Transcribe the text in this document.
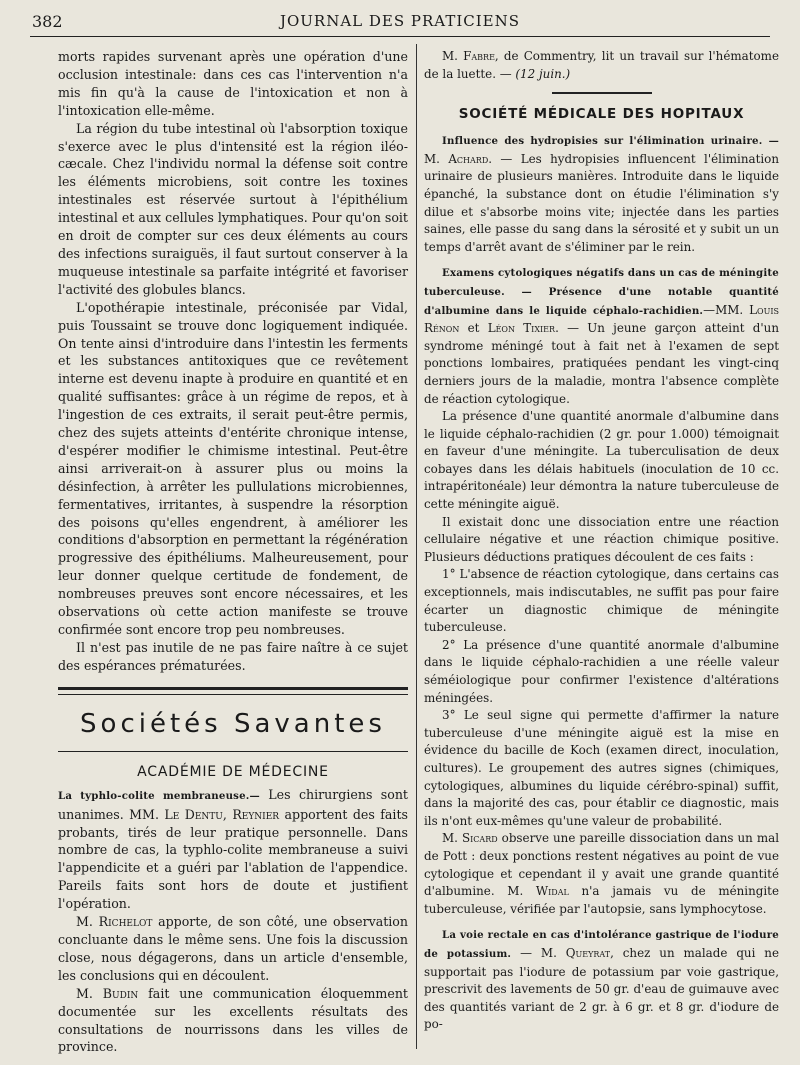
382	JOURNAL DES PRATICIENS

morts rapides survenant après une opération d'une occlusion intestinale: dans ces cas l'intervention n'a mis fin qu'à la cause de l'intoxication et non à l'intoxication elle-même.

La région du tube intestinal où l'absorption toxique s'exerce avec le plus d'intensité est la région iléo-cæcale. Chez l'individu normal la défense soit contre les éléments microbiens, soit contre les toxines intestinales est réservée surtout à l'épithélium intestinal et aux cellules lymphatiques. Pour qu'on soit en droit de compter sur ces deux éléments au cours des infections suraiguës, il faut surtout conserver à la muqueuse intestinale sa parfaite intégrité et favoriser l'activité des globules blancs.

L'opothérapie intestinale, préconisée par Vidal, puis Toussaint se trouve donc logiquement indiquée. On tente ainsi d'introduire dans l'intestin les ferments et les substances antitoxiques que ce revêtement interne est devenu inapte à produire en quantité et en qualité suffisantes: grâce à un régime de repos, et à l'ingestion de ces extraits, il serait peut-être permis, chez des sujets atteints d'entérite chronique intense, d'espérer modifier le chimisme intestinal. Peut-être ainsi arriverait-on à assurer plus ou moins la désinfection, à arrêter les pullulations microbiennes, fermentatives, irritantes, à suspendre la résorption des poisons qu'elles engendrent, à améliorer les conditions d'absorption en permettant la régénération progressive des épithéliums. Malheureusement, pour leur donner quelque certitude de fondement, de nombreuses preuves sont encore nécessaires, et les observations où cette action manifeste se trouve confirmée sont encore trop peu nombreuses.

Il n'est pas inutile de ne pas faire naître à ce sujet des espérances prématurées.

Sociétés Savantes
ACADÉMIE DE MÉDECINE

La typhlo-colite membraneuse.— Les chirurgiens sont unanimes. MM. Le Dentu, Reynier apportent des faits probants, tirés de leur pratique personnelle. Dans nombre de cas, la typhlo-colite membraneuse a suivi l'appendicite et a guéri par l'ablation de l'appendice. Pareils faits sont hors de doute et justifient l'opération.

M. Richelot apporte, de son côté, une observation concluante dans le même sens. Une fois la discussion close, nous dégagerons, dans un article d'ensemble, les conclusions qui en découlent.

M. Budin fait une communication éloquemment documentée sur les excellents résultats des consultations de nourrissons dans les villes de province.

M. Fabre, de Commentry, lit un travail sur l'hématome de la luette. — (12 juin.)

SOCIÉTÉ MÉDICALE DES HOPITAUX

Influence des hydropisies sur l'élimination urinaire. — M. Achard. — Les hydropisies influencent l'élimination urinaire de plusieurs manières. Introduite dans le liquide épanché, la substance dont on étudie l'élimination s'y dilue et s'absorbe moins vite; injectée dans les parties saines, elle passe du sang dans la sérosité et y subit un un temps d'arrêt avant de s'éliminer par le rein.

Examens cytologiques négatifs dans un cas de méningite tuberculeuse. — Présence d'une notable quantité d'albumine dans le liquide céphalo-rachidien.—MM. Louis Rénon et Léon Tixier. — Un jeune garçon atteint d'un syndrome méningé tout à fait net à l'examen de sept ponctions lombaires, pratiquées pendant les vingt-cinq derniers jours de la maladie, montra l'absence complète de réaction cytologique.

La présence d'une quantité anormale d'albumine dans le liquide céphalo-rachidien (2 gr. pour 1.000) témoignait en faveur d'une méningite. La tuberculisation de deux cobayes dans les délais habituels (inoculation de 10 cc. intrapéritonéale) leur démontra la nature tuberculeuse de cette méningite aiguë.

Il existait donc une dissociation entre une réaction cellulaire négative et une réaction chimique positive. Plusieurs déductions pratiques découlent de ces faits :

1° L'absence de réaction cytologique, dans certains cas exceptionnels, mais indiscutables, ne suffit pas pour faire écarter un diagnostic chimique de méningite tuberculeuse.

2° La présence d'une quantité anormale d'albumine dans le liquide céphalo-rachidien a une réelle valeur séméiologique pour confirmer l'existence d'altérations méningées.

3° Le seul signe qui permette d'affirmer la nature tuberculeuse d'une méningite aiguë est la mise en évidence du bacille de Koch (examen direct, inoculation, cultures). Le groupement des autres signes (chimiques, cytologiques, albumines du liquide cérébro-spinal) suffit, dans la majorité des cas, pour établir ce diagnostic, mais ils n'ont eux-mêmes qu'une valeur de probabilité.

M. Sicard observe une pareille dissociation dans un mal de Pott : deux ponctions restent négatives au point de vue cytologique et cependant il y avait une grande quantité d'albumine. M. Widal n'a jamais vu de méningite tuberculeuse, vérifiée par l'autopsie, sans lymphocytose.

La voie rectale en cas d'intolérance gastrique de l'iodure de potassium. — M. Queyrat, chez un malade qui ne supportait pas l'iodure de potassium par voie gastrique, prescrivit des lavements de 50 gr. d'eau de guimauve avec des quantités variant de 2 gr. à 6 gr. et 8 gr. d'iodure de po-
